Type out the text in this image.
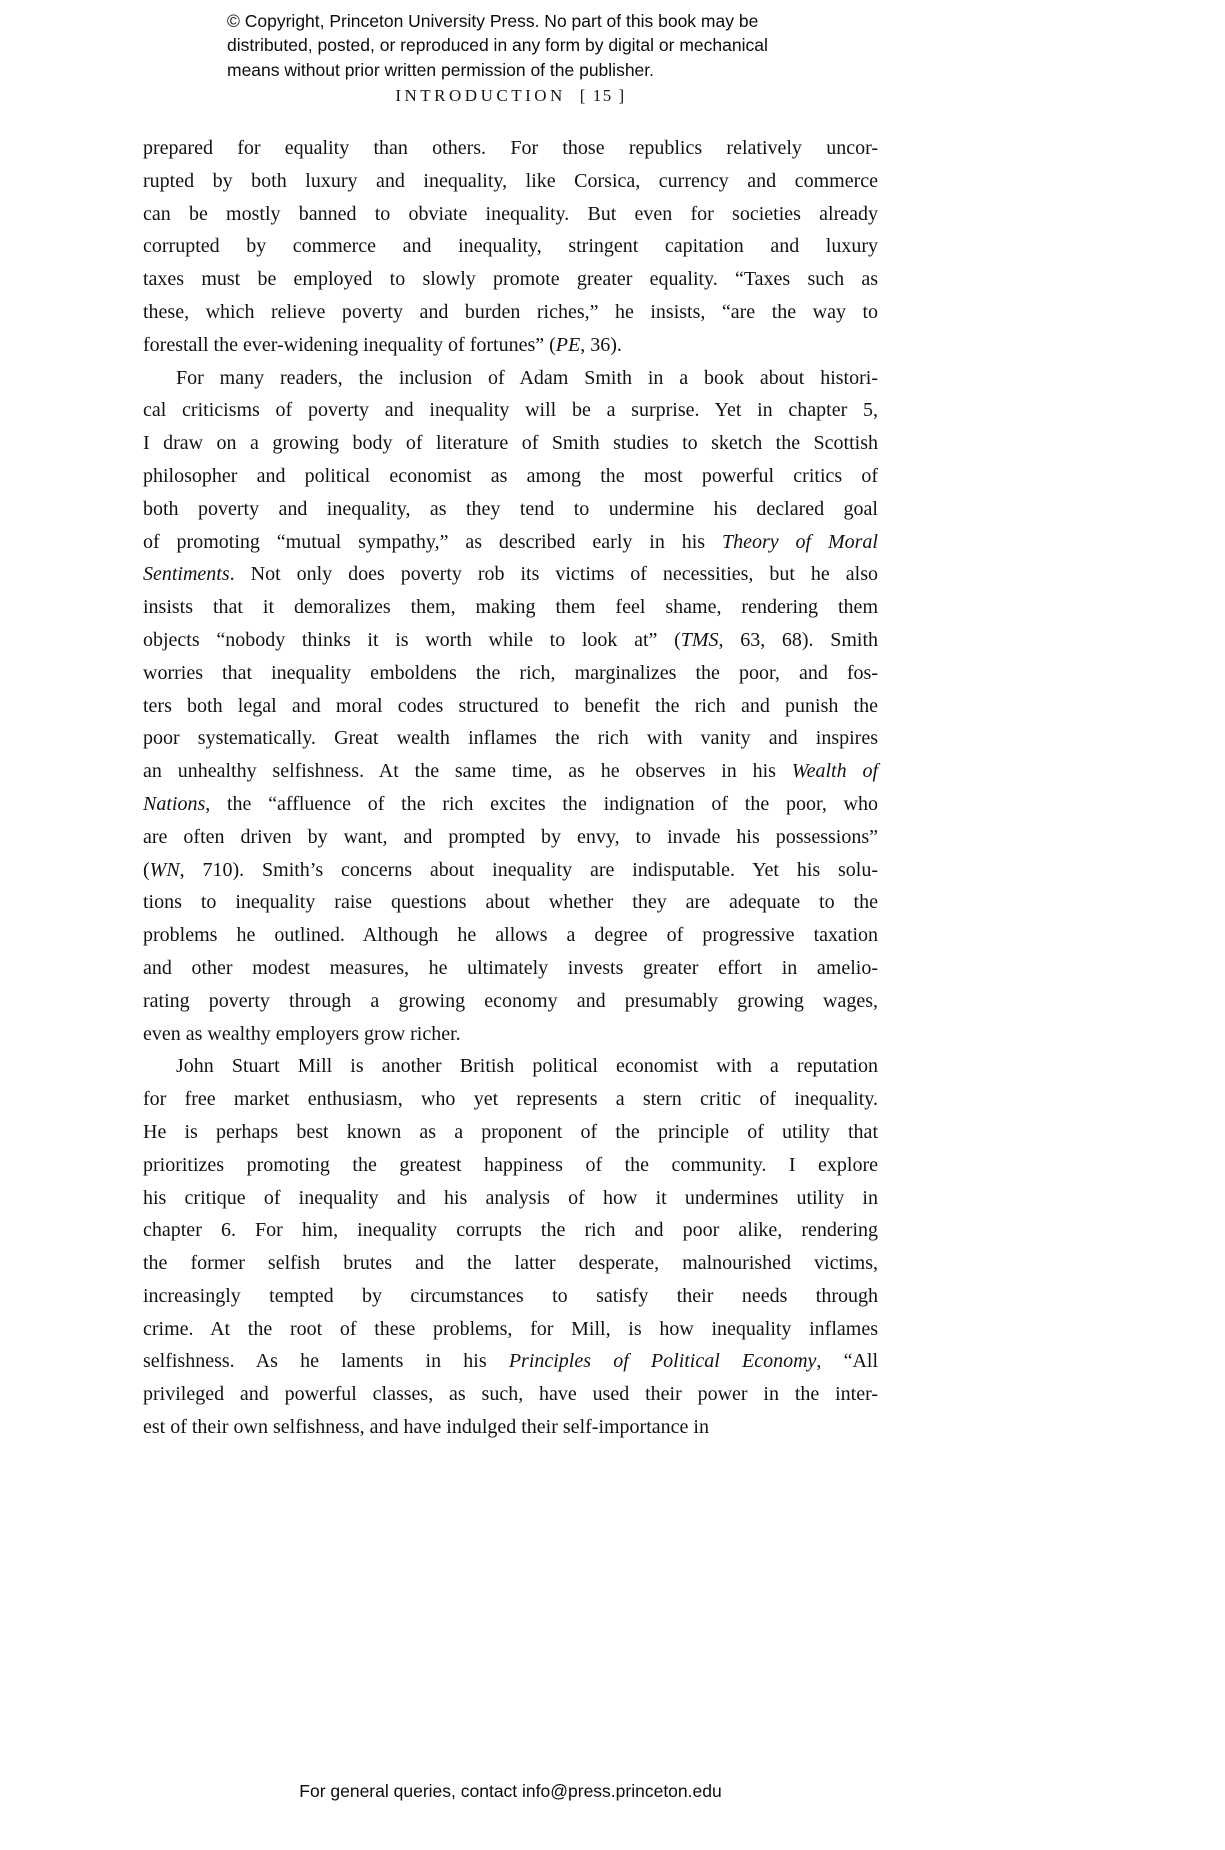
© Copyright, Princeton University Press. No part of this book may be
distributed, posted, or reproduced in any form by digital or mechanical
means without prior written permission of the publisher.
INTRODUCTION [ 15 ]
prepared for equality than others. For those republics relatively uncor-
rupted by both luxury and inequality, like Corsica, currency and commerce
can be mostly banned to obviate inequality. But even for societies already
corrupted by commerce and inequality, stringent capitation and luxury
taxes must be employed to slowly promote greater equality. “Taxes such as
these, which relieve poverty and burden riches,” he insists, “are the way to
forestall the ever-widening inequality of fortunes” (PE, 36).
For many readers, the inclusion of Adam Smith in a book about histori-
cal criticisms of poverty and inequality will be a surprise. Yet in chapter 5,
I draw on a growing body of literature of Smith studies to sketch the Scottish
philosopher and political economist as among the most powerful critics of
both poverty and inequality, as they tend to undermine his declared goal
of promoting “mutual sympathy,” as described early in his Theory of Moral
Sentiments. Not only does poverty rob its victims of necessities, but he also
insists that it demoralizes them, making them feel shame, rendering them
objects “nobody thinks it is worth while to look at” (TMS, 63, 68). Smith
worries that inequality emboldens the rich, marginalizes the poor, and fos-
ters both legal and moral codes structured to benefit the rich and punish the
poor systematically. Great wealth inflames the rich with vanity and inspires
an unhealthy selfishness. At the same time, as he observes in his Wealth of
Nations, the “affluence of the rich excites the indignation of the poor, who
are often driven by want, and prompted by envy, to invade his possessions”
(WN, 710). Smith’s concerns about inequality are indisputable. Yet his solu-
tions to inequality raise questions about whether they are adequate to the
problems he outlined. Although he allows a degree of progressive taxation
and other modest measures, he ultimately invests greater effort in amelio-
rating poverty through a growing economy and presumably growing wages,
even as wealthy employers grow richer.
John Stuart Mill is another British political economist with a reputation
for free market enthusiasm, who yet represents a stern critic of inequality.
He is perhaps best known as a proponent of the principle of utility that
prioritizes promoting the greatest happiness of the community. I explore
his critique of inequality and his analysis of how it undermines utility in
chapter 6. For him, inequality corrupts the rich and poor alike, rendering
the former selfish brutes and the latter desperate, malnourished victims,
increasingly tempted by circumstances to satisfy their needs through
crime. At the root of these problems, for Mill, is how inequality inflames
selfishness. As he laments in his Principles of Political Economy, “All
privileged and powerful classes, as such, have used their power in the inter-
est of their own selfishness, and have indulged their self-importance in
For general queries, contact info@press.princeton.edu
